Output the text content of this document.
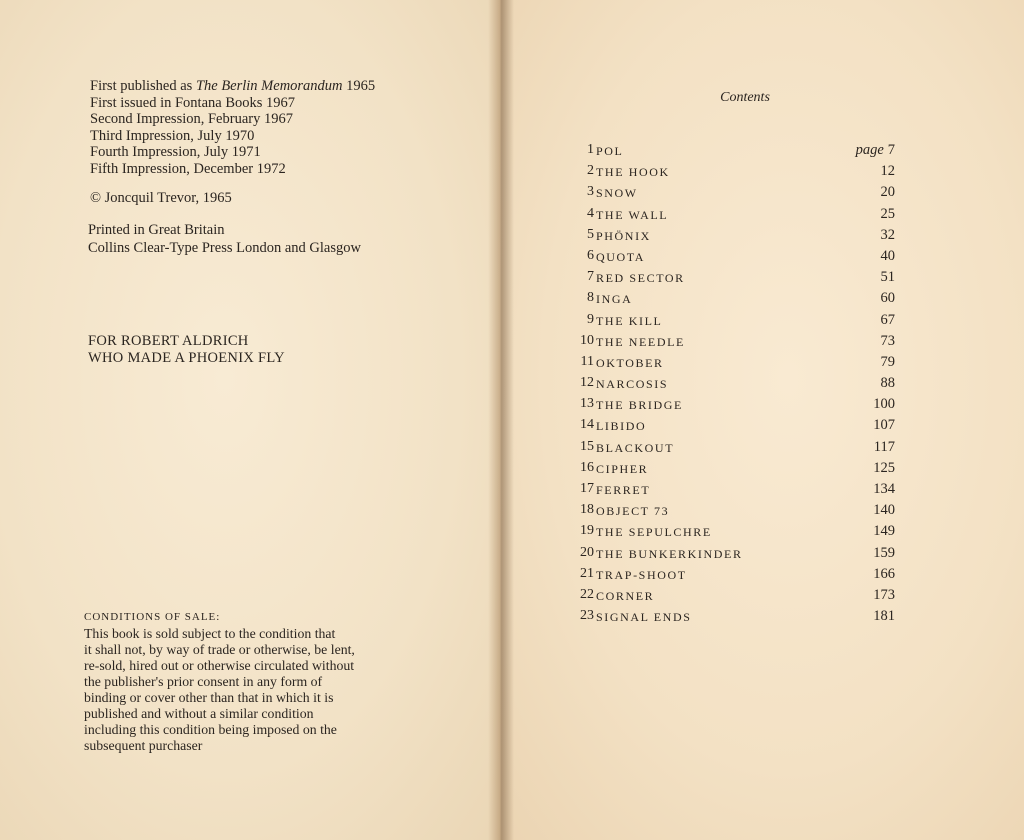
First published as The Berlin Memorandum 1965
First issued in Fontana Books 1967
Second Impression, February 1967
Third Impression, July 1970
Fourth Impression, July 1971
Fifth Impression, December 1972
© Joncquil Trevor, 1965
Printed in Great Britain
Collins Clear-Type Press London and Glasgow
FOR ROBERT ALDRICH
WHO MADE A PHOENIX FLY
CONDITIONS OF SALE:
This book is sold subject to the condition that
it shall not, by way of trade or otherwise, be lent,
re-sold, hired out or otherwise circulated without
the publisher's prior consent in any form of
binding or cover other than that in which it is
published and without a similar condition
including this condition being imposed on the
subsequent purchaser
Contents
1 POL	page 7
2 THE HOOK	12
3 SNOW	20
4 THE WALL	25
5 PHÖNIX	32
6 QUOTA	40
7 RED SECTOR	51
8 INGA	60
9 THE KILL	67
10 THE NEEDLE	73
11 OKTOBER	79
12 NARCOSIS	88
13 THE BRIDGE	100
14 LIBIDO	107
15 BLACKOUT	117
16 CIPHER	125
17 FERRET	134
18 OBJECT 73	140
19 THE SEPULCHRE	149
20 THE BUNKERKINDER	159
21 TRAP-SHOOT	166
22 CORNER	173
23 SIGNAL ENDS	181
